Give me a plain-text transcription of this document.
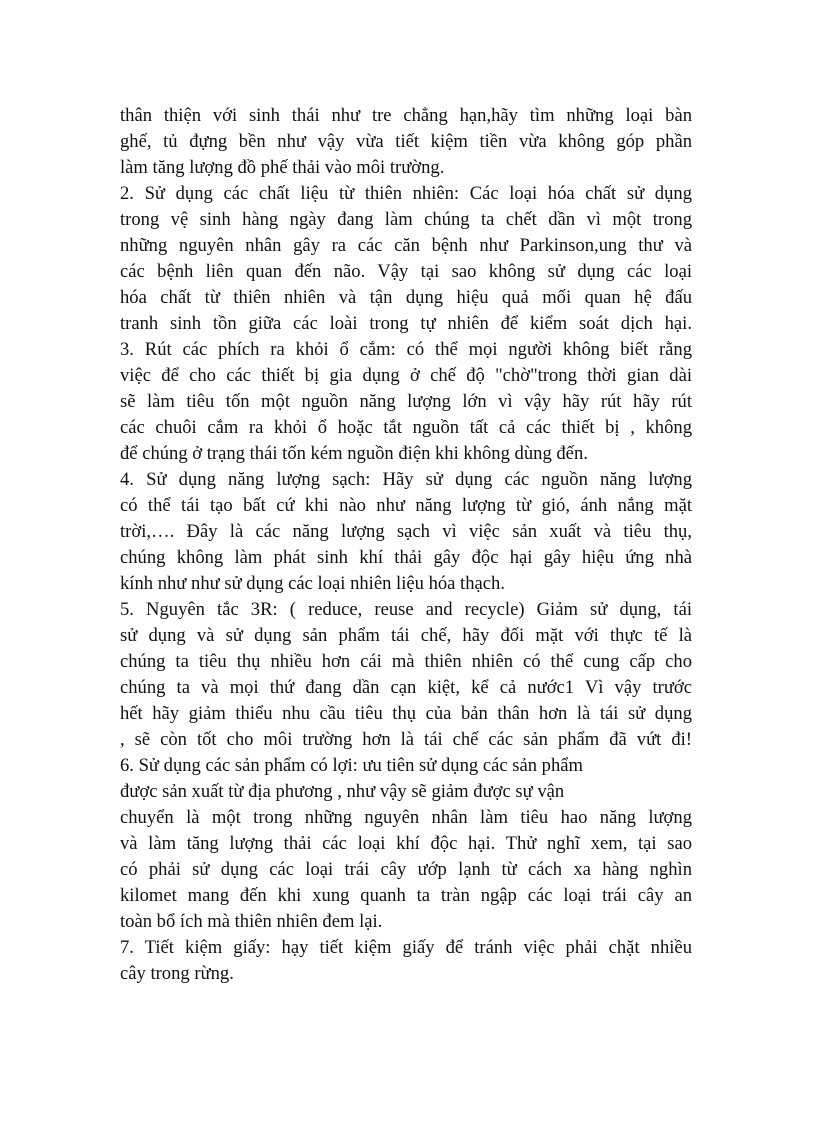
thân thiện với sinh thái như tre chẳng hạn,hãy tìm những loại bàn
ghế, tủ đựng bền như vậy vừa tiết kiệm tiền vừa không góp phần
làm tăng lượng đồ phế thải vào môi trường.
2. Sử dụng các chất liệu từ thiên nhiên: Các loại hóa chất sử dụng
trong vệ sinh hàng ngày đang làm chúng ta chết dần vì một trong
những nguyên nhân gây ra các căn bệnh như Parkinson,ung thư và
các bệnh liên quan đến não. Vậy tại sao không sử dụng các loại
hóa chất từ thiên nhiên và tận dụng hiệu quả mối quan hệ đấu
tranh sinh tồn giữa các loài trong tự nhiên để kiểm soát dịch hại.
3. Rút các phích ra khỏi ổ cắm: có thể mọi người không biết rằng
việc để cho các thiết bị gia dụng ở chế độ "chờ"trong thời gian dài
sẽ làm tiêu tốn một nguồn năng lượng lớn vì vậy hãy rút hãy rút
các chuôi cắm ra khỏi ổ hoặc tắt nguồn tất cả các thiết bị , không
để chúng ở trạng thái tốn kém nguồn điện khi không dùng đến.
4. Sử dụng năng lượng sạch: Hãy sử dụng các nguồn năng lượng
có thể tái tạo bất cứ khi nào như năng lượng từ gió, ánh nắng mặt
trời,…. Đây là các năng lượng sạch vì việc sản xuất và tiêu thụ,
chúng không làm phát sinh khí thải gây độc hại gây hiệu ứng nhà
kính như như sử dụng các loại nhiên liệu hóa thạch.
5. Nguyên tắc 3R: ( reduce, reuse and recycle) Giảm sử dụng, tái
sử dụng và sử dụng sản phẩm tái chế, hãy đối mặt với thực tế là
chúng ta tiêu thụ nhiều hơn cái mà thiên nhiên có thể cung cấp cho
chúng ta và mọi thứ đang dần cạn kiệt, kể cả nước1 Vì vậy trước
hết hãy giảm thiểu nhu cầu tiêu thụ của bản thân hơn là tái sử dụng
, sẽ còn tốt cho môi trường hơn là tái chế các sản phẩm đã vứt đi!
6. Sử dụng các sản phẩm có lợi: ưu tiên sử dụng các sản phẩm
được sản xuất từ địa phương , như vậy sẽ giảm được sự vận
chuyển là một trong những nguyên nhân làm tiêu hao năng lượng
và làm tăng lượng thải các loại khí độc hại. Thử nghĩ xem, tại sao
có phải sử dụng các loại trái cây ướp lạnh từ cách xa hàng nghìn
kilomet mang đến khi xung quanh ta tràn ngập các loại trái cây an
toàn bổ ích mà thiên nhiên đem lại.
7. Tiết kiệm giấy: hạy tiết kiệm giấy để tránh việc phải chặt nhiều
cây trong rừng.
